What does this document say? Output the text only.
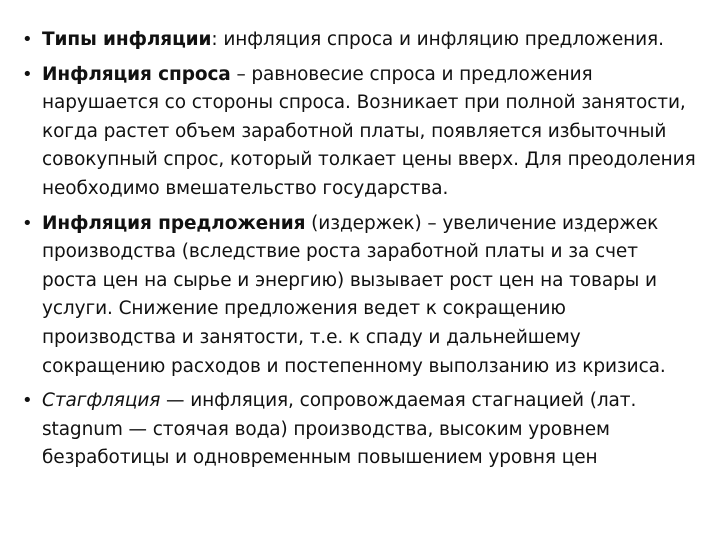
• Типы инфляции: инфляция спроса и инфляцию предложения.
• Инфляция спроса – равновесие спроса и предложения нарушается со стороны спроса. Возникает при полной занятости, когда растет объем заработной платы, появляется избыточный совокупный спрос, который толкает цены вверх. Для преодоления необходимо вмешательство государства.
• Инфляция предложения (издержек) – увеличение издержек производства (вследствие роста заработной платы и за счет роста цен на сырье и энергию) вызывает рост цен на товары и услуги. Снижение предложения ведет к сокращению производства и занятости, т.е. к спаду и дальнейшему сокращению расходов и постепенному выползанию из кризиса.
• Стагфляция — инфляция, сопровождаемая стагнацией (лат. stagnum — стоячая вода) производства, высоким уровнем безработицы и одновременным повышением уровня цен
